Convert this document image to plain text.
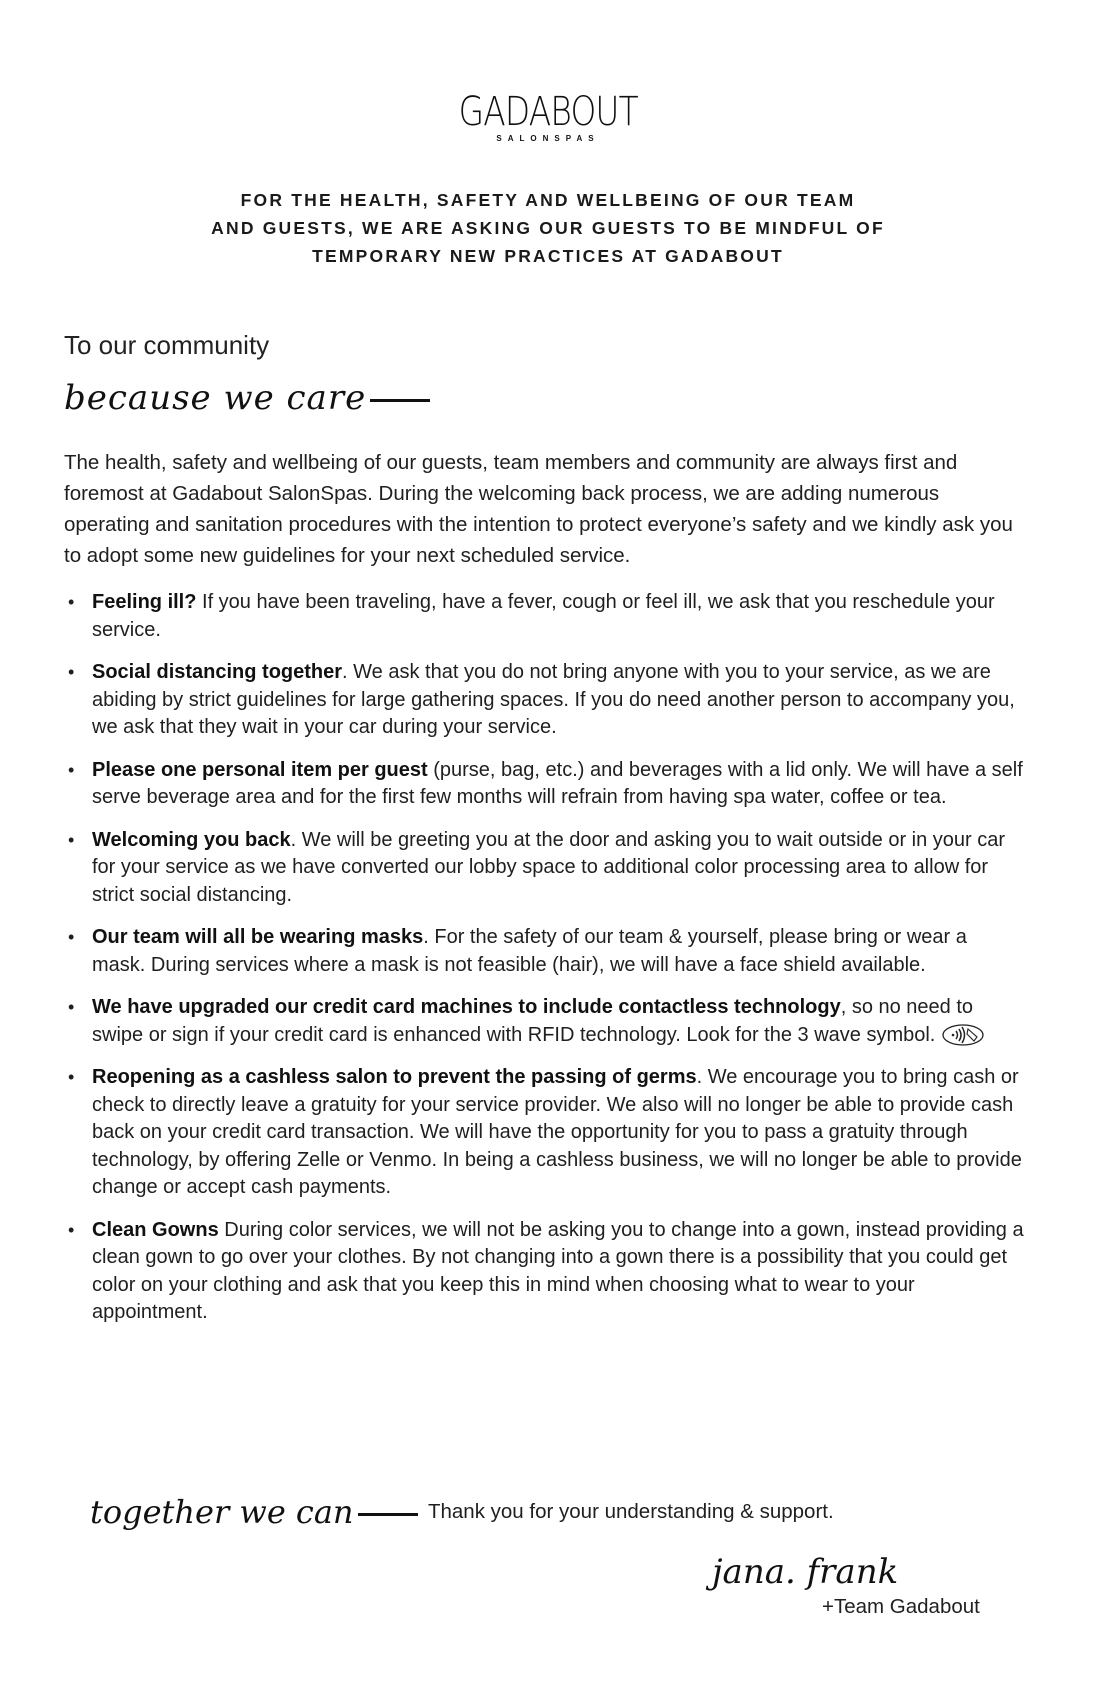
GADABOUT
SALONSPAS
FOR THE HEALTH, SAFETY AND WELLBEING OF OUR TEAM
AND GUESTS, WE ARE ASKING OUR GUESTS TO BE MINDFUL OF
TEMPORARY NEW PRACTICES AT GADABOUT
To our community
because we care

The health, safety and wellbeing of our guests, team members and community are always first and foremost at Gadabout SalonSpas. During the welcoming back process, we are adding numerous operating and sanitation procedures with the intention to protect everyone’s safety and we kindly ask you to adopt some new guidelines for your next scheduled service.

• Feeling ill? If you have been traveling, have a fever, cough or feel ill, we ask that you reschedule your service.
• Social distancing together. We ask that you do not bring anyone with you to your service, as we are abiding by strict guidelines for large gathering spaces. If you do need another person to accompany you, we ask that they wait in your car during your service.
• Please one personal item per guest (purse, bag, etc.) and beverages with a lid only. We will have a self serve beverage area and for the first few months will refrain from having spa water, coffee or tea.
• Welcoming you back. We will be greeting you at the door and asking you to wait outside or in your car for your service as we have converted our lobby space to additional color processing area to allow for strict social distancing.
• Our team will all be wearing masks. For the safety of our team & yourself, please bring or wear a mask. During services where a mask is not feasible (hair), we will have a face shield available.
• We have upgraded our credit card machines to include contactless technology, so no need to swipe or sign if your credit card is enhanced with RFID technology. Look for the 3 wave symbol.
• Reopening as a cashless salon to prevent the passing of germs. We encourage you to bring cash or check to directly leave a gratuity for your service provider. We also will no longer be able to provide cash back on your credit card transaction. We will have the opportunity for you to pass a gratuity through technology, by offering Zelle or Venmo. In being a cashless business, we will no longer be able to provide change or accept cash payments.
• Clean Gowns During color services, we will not be asking you to change into a gown, instead providing a clean gown to go over your clothes. By not changing into a gown there is a possibility that you could get color on your clothing and ask that you keep this in mind when choosing what to wear to your appointment.
together we can	Thank you for your understanding & support.
jana. frank
+Team Gadabout
